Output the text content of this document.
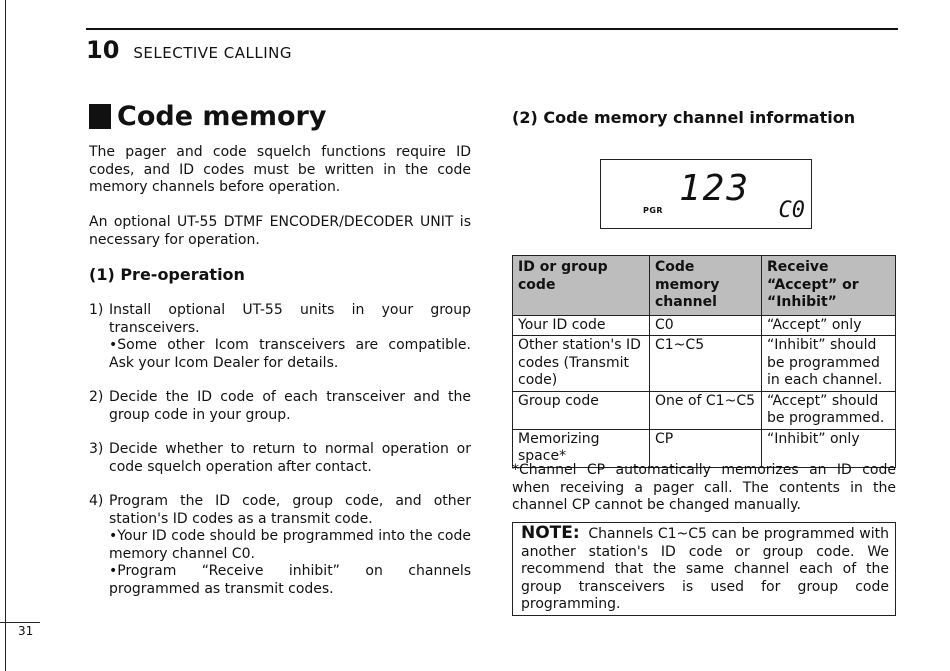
31
10 SELECTIVE CALLING
Code memory

The pager and code squelch functions require ID codes, and ID codes must be written in the code memory channels before operation.

An optional UT-55 DTMF ENCODER/DECODER UNIT is necessary for operation.

(1) Pre-operation
1) Install optional UT-55 units in your group transceivers.
•Some other Icom transceivers are compatible. Ask your Icom Dealer for details.
2) Decide the ID code of each transceiver and the group code in your group.
3) Decide whether to return to normal operation or code squelch operation after contact.
4) Program the ID code, group code, and other station's ID codes as a transmit code.
•Your ID code should be programmed into the code memory channel C0.
•Program “Receive inhibit” on channels programmed as transmit codes.
(2) Code memory channel information
123
PGR	C0
ID or group code	Code memory channel	Receive “Accept” or “Inhibit”
Your ID code	C0	“Accept” only
Other station's ID codes (Transmit code)	C1~C5	“Inhibit” should be programmed in each channel.
Group code	One of C1~C5	“Accept” should be programmed.
Memorizing space*	CP	“Inhibit” only

*Channel CP automatically memorizes an ID code when receiving a pager call. The contents in the channel CP cannot be changed manually.

NOTE: Channels C1~C5 can be programmed with another station's ID code or group code. We recommend that the same channel each of the group transceivers is used for group code programming.
